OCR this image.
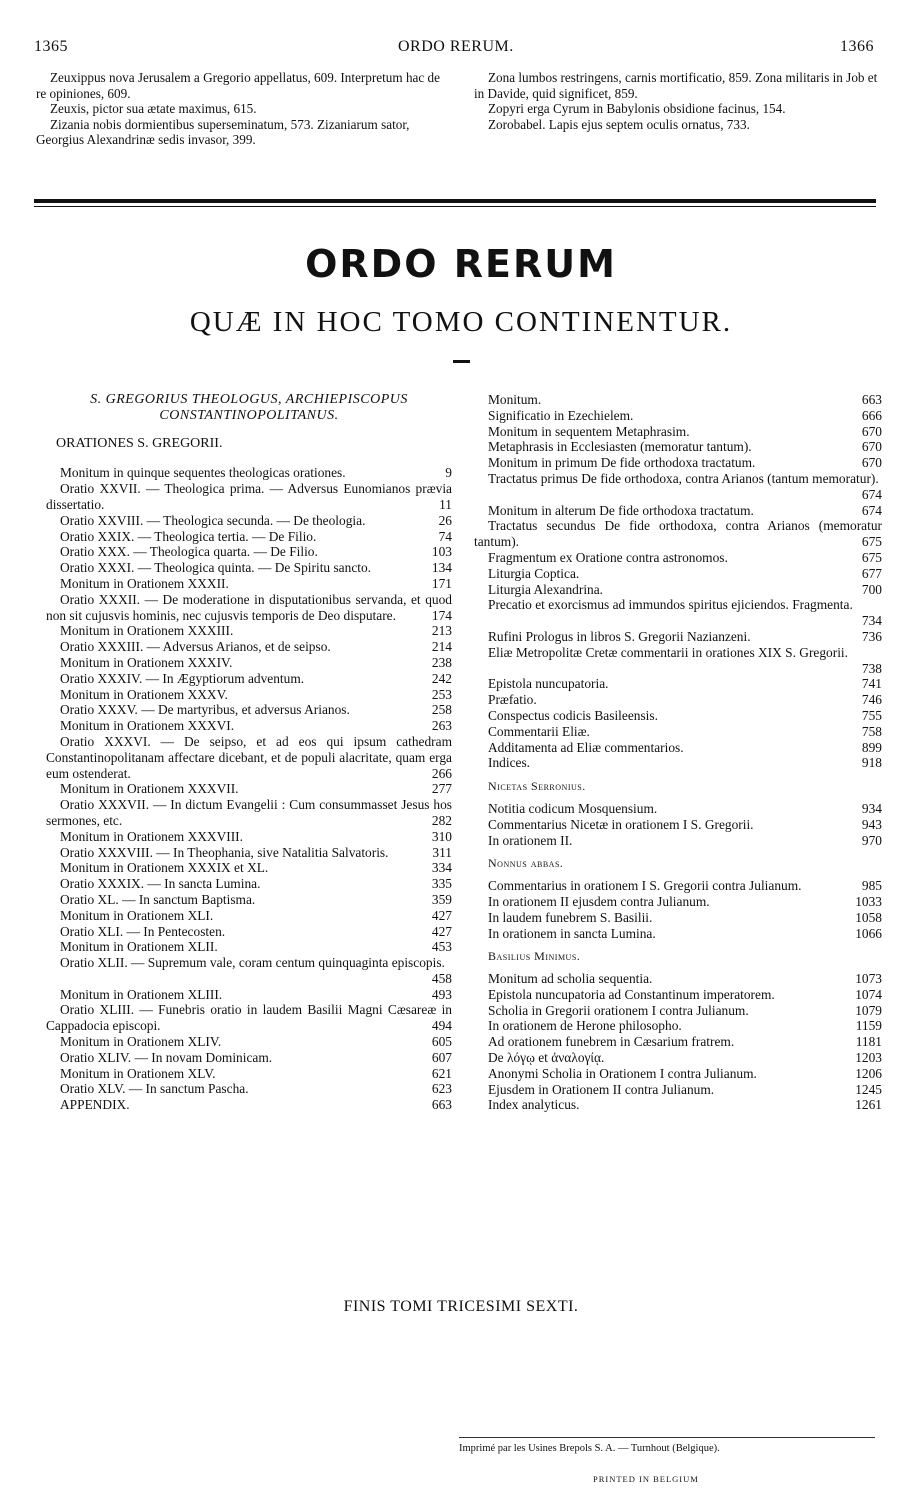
1365	ORDO RERUM.	1366

Zeuxippus nova Jerusalem a Gregorio appellatus, 609. Interpretum hac de re opiniones, 609.

Zeuxis, pictor sua ætate maximus, 615.

Zizania nobis dormientibus superseminatum, 573. Zizaniarum sator, Georgius Alexandrinæ sedis invasor, 399.

Zona lumbos restringens, carnis mortificatio, 859. Zona militaris in Job et in Davide, quid significet, 859.

Zopyri erga Cyrum in Babylonis obsidione facinus, 154.

Zorobabel. Lapis ejus septem oculis ornatus, 733.

ORDO RERUM
QUÆ IN HOC TOMO CONTINENTUR.
S. GREGORIUS THEOLOGUS, ARCHIEPISCOPUS
CONSTANTINOPOLITANUS.
ORATIONES S. GREGORII.
Monitum in quinque sequentes theologicas orationes.	9
Oratio XXVII. — Theologica prima. — Adversus Eunomianos prævia dissertatio.	11
Oratio XXVIII. — Theologica secunda. — De theologia.	26
Oratio XXIX. — Theologica tertia. — De Filio.	74
Oratio XXX. — Theologica quarta. — De Filio.	103
Oratio XXXI. — Theologica quinta. — De Spiritu sancto.	134
Monitum in Orationem XXXII.	171
Oratio XXXII. — De moderatione in disputationibus servanda, et quod non sit cujusvis hominis, nec cujusvis temporis de Deo disputare.	174
Monitum in Orationem XXXIII.	213
Oratio XXXIII. — Adversus Arianos, et de seipso.	214
Monitum in Orationem XXXIV.	238
Oratio XXXIV. — In Ægyptiorum adventum.	242
Monitum in Orationem XXXV.	253
Oratio XXXV. — De martyribus, et adversus Arianos.	258
Monitum in Orationem XXXVI.	263
Oratio XXXVI. — De seipso, et ad eos qui ipsum cathedram Constantinopolitanam affectare dicebant, et de populi alacritate, quam erga eum ostenderat.	266
Monitum in Orationem XXXVII.	277
Oratio XXXVII. — In dictum Evangelii : Cum consummasset Jesus hos sermones, etc.	282
Monitum in Orationem XXXVIII.	310
Oratio XXXVIII. — In Theophania, sive Natalitia Salvatoris.	311
Monitum in Orationem XXXIX et XL.	334
Oratio XXXIX. — In sancta Lumina.	335
Oratio XL. — In sanctum Baptisma.	359
Monitum in Orationem XLI.	427
Oratio XLI. — In Pentecosten.	427
Monitum in Orationem XLII.	453
Oratio XLII. — Supremum vale, coram centum quinquaginta episcopis.
458
Monitum in Orationem XLIII.	493
Oratio XLIII. — Funebris oratio in laudem Basilii Magni Cæsareæ in Cappadocia episcopi.	494
Monitum in Orationem XLIV.	605
Oratio XLIV. — In novam Dominicam.	607
Monitum in Orationem XLV.	621
Oratio XLV. — In sanctum Pascha.	623
APPENDIX.	663
Monitum.	663
Significatio in Ezechielem.	666
Monitum in sequentem Metaphrasim.	670
Metaphrasis in Ecclesiasten (memoratur tantum).	670
Monitum in primum De fide orthodoxa tractatum.	670
Tractatus primus De fide orthodoxa, contra Arianos (tantum memoratur).
674
Monitum in alterum De fide orthodoxa tractatum.	674
Tractatus secundus De fide orthodoxa, contra Arianos (memoratur tantum).	675
Fragmentum ex Oratione contra astronomos.	675
Liturgia Coptica.	677
Liturgia Alexandrina.	700
Precatio et exorcismus ad immundos spiritus ejiciendos. Fragmenta.
734
Rufini Prologus in libros S. Gregorii Nazianzeni.	736
Eliæ Metropolitæ Cretæ commentarii in orationes XIX S. Gregorii.
738
Epistola nuncupatoria.	741
Præfatio.	746
Conspectus codicis Basileensis.	755
Commentarii Eliæ.	758
Additamenta ad Eliæ commentarios.	899
Indices.	918
Nicetas Serronius.
Notitia codicum Mosquensium.	934
Commentarius Nicetæ in orationem I S. Gregorii.	943
In orationem II.	970
Nonnus abbas.
Commentarius in orationem I S. Gregorii contra Julianum.	985
In orationem II ejusdem contra Julianum.	1033
In laudem funebrem S. Basilii.	1058
In orationem in sancta Lumina.	1066
Basilius Minimus.
Monitum ad scholia sequentia.	1073
Epistola nuncupatoria ad Constantinum imperatorem.	1074
Scholia in Gregorii orationem I contra Julianum.	1079
In orationem de Herone philosopho.	1159
Ad orationem funebrem in Cæsarium fratrem.	1181
De λόγῳ et ἀναλογίᾳ.	1203
Anonymi Scholia in Orationem I contra Julianum.	1206
Ejusdem in Orationem II contra Julianum.	1245
Index analyticus.	1261
FINIS TOMI TRICESIMI SEXTI.
Imprimé par les Usines Brepols S. A. — Turnhout (Belgique).
PRINTED IN BELGIUM
